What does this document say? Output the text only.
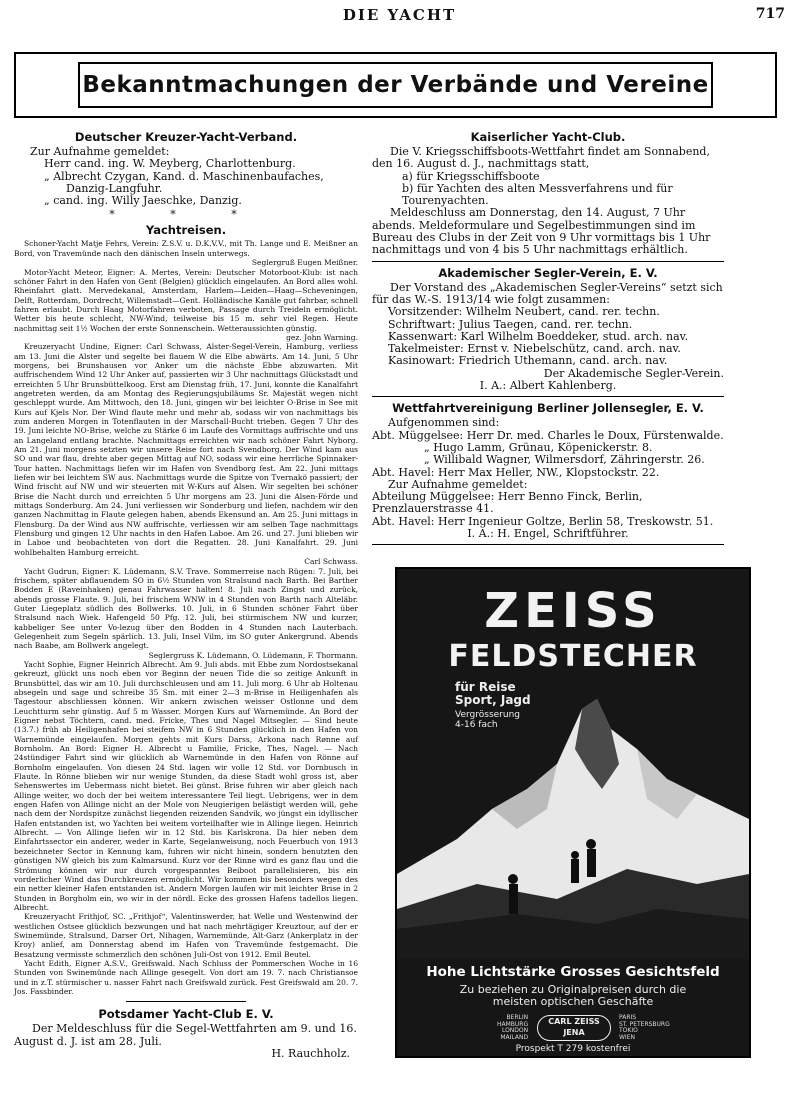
DIE YACHT	717
Bekanntmachungen der Verbände und Vereine
Deutscher Kreuzer-Yacht-Verband.

Zur Aufnahme gemeldet:

Herr cand. ing. W. Meyberg, Charlottenburg.

„ Albrecht Czygan, Kand. d. Maschinenbaufaches,

Danzig-Langfuhr.

„ cand. ing. Willy Jaeschke, Danzig.

* * *
Yachtreisen.

Schoner-Yacht Matje Fehrs, Verein: Z.S.V. u. D.K.V.V., mit Th. Lange und E. Meißner an Bord, von Travemünde nach den dänischen Inseln unterwegs.

Seglergruß Eugen Meißner.

Motor-Yacht Meteor, Eigner: A. Mertes, Verein: Deutscher Motorboot-Klub: ist nach schöner Fahrt in den Hafen von Gent (Belgien) glücklich eingelaufen. An Bord alles wohl. Rheinfahrt glatt. Mervedekanal, Amsterdam, Harlem—Leiden—Haag—Scheveningen, Delft, Rotterdam, Dordrecht, Willemstadt—Gent. Holländische Kanäle gut fahrbar, schnell fahren erlaubt. Durch Haag Motorfahren verboten, Passage durch Treideln ermöglicht. Wetter bis heute schlecht, NW-Wind, teilweise bis 15 m. sehr viel Regen. Heute nachmittag seit 1½ Wochen der erste Sonnenschein. Wetteraussichten günstig.

gez. John Warning.

Kreuzeryacht Undine, Eigner: Carl Schwass, Alster-Segel-Verein, Hamburg, verliess am 13. Juni die Alster und segelte bei flauem W die Elbe abwärts. Am 14. Juni, 5 Uhr morgens, bei Brunshausen vor Anker um die nächste Ebbe abzuwarten. Mit auffrischendem Wind 12 Uhr Anker auf, passierten wir 3 Uhr nachmittags Glückstadt und erreichten 5 Uhr Brunsbüttelkoog. Erst am Dienstag früh, 17. Juni, konnte die Kanalfahrt angetreten werden, da am Montag des Regierungsjubiläums Sr. Majestät wegen nicht geschleppt wurde. Am Mittwoch, den 18. Juni, gingen wir bei leichter O-Brise in See mit Kurs auf Kjels Nor. Der Wind flaute mehr und mehr ab, sodass wir von nachmittags bis zum anderen Morgen in Totenflauten in der Marschall-Bucht trieben. Gegen 7 Uhr des 19. Juni leichte NO-Brise, welche zu Stärke 6 im Laufe des Vormittags auffrischte und uns an Langeland entlang brachte. Nachmittags erreichten wir nach schöner Fahrt Nyborg. Am 21. Juni morgens setzten wir unsere Reise fort nach Svendborg. Der Wind kam aus SO und war flau, drehte aber gegen Mittag auf NO, sodass wir eine herrliche Spinnaker-Tour hatten. Nachmittags liefen wir im Hafen von Svendborg fest. Am 22. Juni mittags liefen wir bei leichtem SW aus. Nachmittags wurde die Spitze von Tvernakö passiert; der Wind frischt auf NW und wir steuerten mit W-Kurs auf Alsen. Wir segelten bei schöner Brise die Nacht durch und erreichten 5 Uhr morgens am 23. Juni die Alsen-Förde und mittags Sonderburg. Am 24. Juni verliessen wir Sonderburg und liefen, nachdem wir den ganzen Nachmittag in Flaute gelegen haben, abends Ekensund an. Am 25. Juni mittags in Flensburg. Da der Wind aus NW auffrischte, verliessen wir am selben Tage nachmittags Flensburg und gingen 12 Uhr nachts in den Hafen Laboe. Am 26. und 27. Juni blieben wir in Laboe und beobachteten von dort die Regatten. 28. Juni Kanalfahrt. 29. Juni wohlbehalten Hamburg erreicht.

Carl Schwass.

Yacht Gudrun, Eigner: K. Lüdemann, S.V. Trave. Sommerreise nach Rügen: 7. Juli, bei frischem, später abflauendem SO in 6½ Stunden von Stralsund nach Barth. Bei Barther Bodden E (Raveinhaken) genau Fahrwasser halten! 8. Juli nach Zingst und zurück, abends grosse Flaute. 9. Juli, bei frischem WNW in 4 Stunden von Barth nach Alteläbr. Guter Liegeplatz südlich des Bollwerks. 10. Juli, in 6 Stunden schöner Fahrt über Stralsund nach Wiek. Hafengeld 50 Pfg. 12. Juli, bei stürmischem NW und kurzer, kabbeliger See unter Vo-lezug über den Bodden in 4 Stunden nach Lauterbach. Gelegenheit zum Segeln spärlich. 13. Juli, Insel Vilm, im SO guter Ankergrund. Abends nach Baabe, am Bollwerk angelegt.

Seglergruss K. Lüdemann, O. Lüdemann, F. Thormann.

Yacht Sophie, Eigner Heinrich Albrecht. Am 9. Juli abds. mit Ebbe zum Nordostsekanal gekreuzt, glückt uns noch eben vor Beginn der neuen Tide die so zeitige Ankunft in Brunsbüttel, das wir am 10. Juli durchschleusen und am 11. Juli morg. 6 Uhr ab Holtenau absegeln und sage und schreibe 35 Sm. mit einer 2—3 m-Brise in Heiligenhafen als Tagestour abschliessen können. Wir ankern zwischen weisser Ostlonne und dem Leuchtturm sehr günstig. Auf 5 m Wasser. Morgen Kurs auf Warnemünde. An Bord der Eigner nebst Töchtern, cand. med. Fricke, Thes und Nagel Mitsegler. — Sind heute (13.7.) früh ab Heiligenhafen bei steifem NW in 6 Stunden glücklich in den Hafen von Warnemünde eingelaufen. Morgen gehts mit Kurs Darss, Arkona nach Rønne auf Bornholm. An Bord: Eigner H. Albrecht u Familie, Fricke, Thes, Nagel. — Nach 24stündiger Fahrt sind wir glücklich ab Warnemünde in den Hafen von Rönne auf Bornholm eingelaufen. Von diesen 24 Std. lagen wir volle 12 Std. vor Dornbusch in Flaute. In Rönne blieben wir nur wenige Stunden, da diese Stadt wohl gross ist, aber Sehenswertes im Uebermass nicht bietet. Bei günst. Brise fuhren wir aber gleich nach Allinge weiter, wo doch der bei weitem interessantere Teil liegt. Uebrigens, wer in dem engen Hafen von Allinge nicht an der Mole von Neugierigen belästigt werden will, gehe nach dem der Nordspitze zunächst liegenden reizenden Sandvik, wo jüngst ein idyllischer Hafen entstanden ist, wo Yachten bei weitem vorteilhafter wie in Allinge liegen. Heinrich Albrecht. — Von Allinge liefen wir in 12 Std. bis Karlskrona. Da hier neben dem Einfahrtssector ein anderer, weder in Karte, Segelanweisung, noch Feuerbuch von 1913 bezeichneter Sector in Kennung kam, fuhren wir nicht hinein, sondern benutzten den günstigen NW gleich bis zum Kalmarsund. Kurz vor der Rinne wird es ganz flau und die Strömung können wir nur durch vorgespanntes Beiboot parallelisieren, bis ein vorderlicher Wind das Durchkreuzen ermöglicht. Wir kommen bis besonders wegen des ein netter kleiner Hafen entstanden ist. Andern Morgen laufen wir mit leichter Brise in 2 Stunden in Borgholm ein, wo wir in der nördl. Ecke des grossen Hafens tadellos liegen. Albrecht.

Kreuzeryacht Frithjof, SC. „Frithjof“, Valentinswerder, hat Welle und Westenwind der westlichen Ostsee glücklich bezwungen und hat nach mehrtägiger Kreuztour, auf der er Swinemünde, Stralsund, Darser Ort, Nihagen, Warnemünde, Alt-Garz (Ankerplatz in der Kroy) anlief, am Donnerstag abend im Hafen von Travemünde festgemacht. Die Besatzung vermisste schmerzlich den schönen Juli-Ost von 1912. Emil Beutel.

Yacht Edith, Eigner A.S.V., Greifswald. Nach Schluss der Pommerschen Woche in 16 Stunden von Swinemünde nach Allinge gesegelt. Von dort am 19. 7. nach Christiansoe und in z.T. stürmischer u. nasser Fahrt nach Greifswald zurück. Fest Greifswald am 20. 7. Jos. Fassbinder.

Potsdamer Yacht-Club E. V.

Der Meldeschluss für die Segel-Wettfahrten am 9. und 16. August d. J. ist am 28. Juli.

H. Rauchholz.

Kaiserlicher Yacht-Club.

Die V. Kriegsschiffsboots-Wettfahrt findet am Sonnabend, den 16. August d. J., nachmittags statt,

a) für Kriegsschiffsboote

b) für Yachten des alten Messverfahrens und für Tourenyachten.

Meldeschluss am Donnerstag, den 14. August, 7 Uhr abends. Meldeformulare und Segelbestimmungen sind im Bureau des Clubs in der Zeit von 9 Uhr vormittags bis 1 Uhr nachmittags und von 4 bis 5 Uhr nachmittags erhältlich.

Akademischer Segler-Verein, E. V.

Der Vorstand des „Akademischen Segler-Vereins“ setzt sich für das W.-S. 1913/14 wie folgt zusammen:

Vorsitzender: Wilhelm Neubert, cand. rer. techn.

Schriftwart: Julius Taegen, cand. rer. techn.

Kassenwart: Karl Wilhelm Boeddeker, stud. arch. nav.

Takelmeister: Ernst v. Niebelschütz, cand. arch. nav.

Kasinowart: Friedrich Uthemann, cand. arch. nav.

Der Akademische Segler-Verein.

I. A.: Albert Kahlenberg.

Wettfahrtvereinigung Berliner Jollensegler, E. V.

Aufgenommen sind:

Abt. Müggelsee: Herr Dr. med. Charles le Doux, Fürstenwalde.

„ Hugo Lamm, Grünau, Köpenickerstr. 8.

„ Willibald Wagner, Wilmersdorf, Zähringerstr. 26.

Abt. Havel: Herr Max Heller, NW., Klopstockstr. 22.

Zur Aufnahme gemeldet:

Abteilung Müggelsee: Herr Benno Finck, Berlin, Prenzlauerstrasse 41.

Abt. Havel: Herr Ingenieur Goltze, Berlin 58, Treskowstr. 51.

I. A.: H. Engel, Schriftführer.

ZEISS
FELDSTECHER
für Reise
Sport, Jagd
Vergrösserung
4-16 fach
Hohe Lichtstärke Grosses Gesichtsfeld
Zu beziehen zu Originalpreisen durch die
meisten optischen Geschäfte
BERLIN
HAMBURG
LONDON
MAILAND
CARL ZEISS
JENA
PARIS
ST. PETERSBURG
TOKIO
WIEN
Prospekt T 279 kostenfrei
